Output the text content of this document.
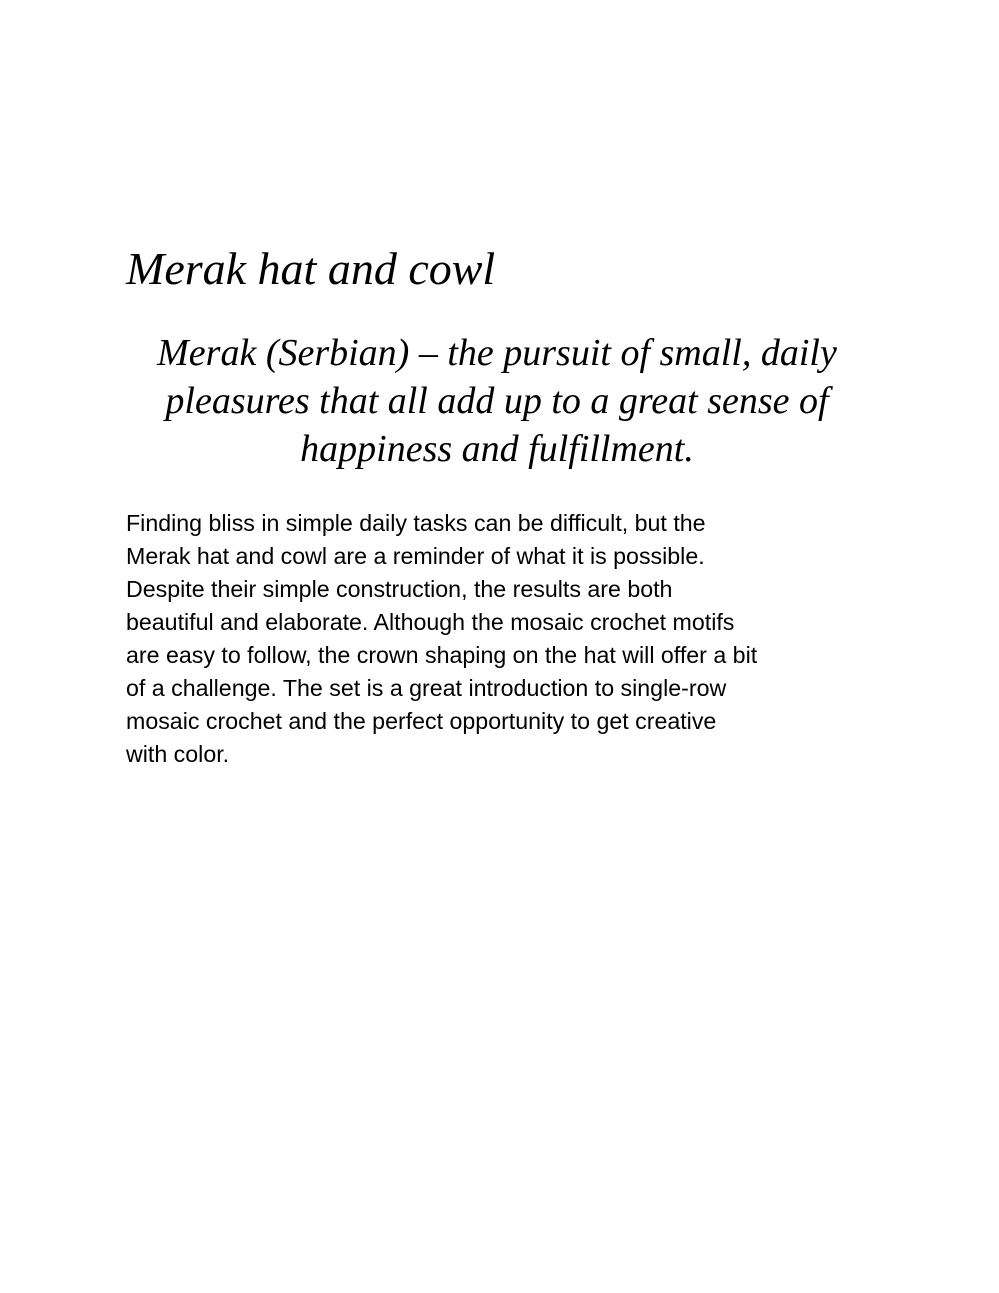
Merak hat and cowl

Merak (Serbian) – the pursuit of small, daily
pleasures that all add up to a great sense of
happiness and fulfillment.

Finding bliss in simple daily tasks can be difficult, but the
Merak hat and cowl are a reminder of what it is possible.
Despite their simple construction, the results are both
beautiful and elaborate. Although the mosaic crochet motifs
are easy to follow, the crown shaping on the hat will offer a bit
of a challenge. The set is a great introduction to single-row
mosaic crochet and the perfect opportunity to get creative
with color.
